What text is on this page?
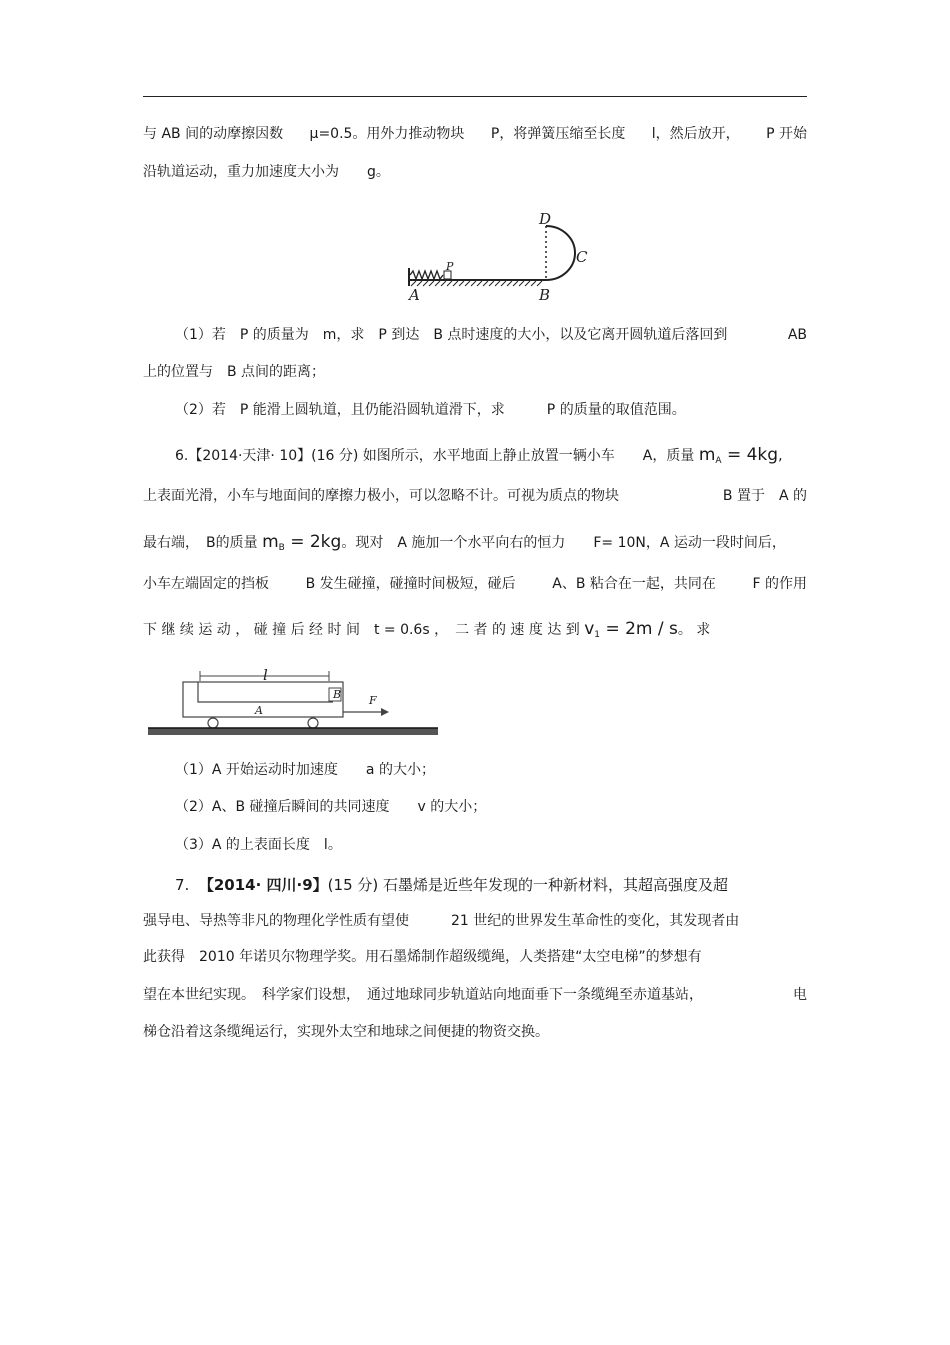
与 AB 间的动摩擦因数 μ=0.5。用外力推动物块 P，将弹簧压缩至长度 l，然后放开， P 开始
沿轨道运动，重力加速度大小为　　g。
A
P
B
C
D
（1）若　P 的质量为　m，求　P 到达　B 点时速度的大小，以及它离开圆轨道后落回到	AB
上的位置与　B 点间的距离；
（2）若　P 能滑上圆轨道，且仍能沿圆轨道滑下，求　　　P 的质量的取值范围。
6.【2014·天津· 10】(16 分) 如图所示，水平地面上静止放置一辆小车　　A，质量 $m_A = 4kg$,
上表面光滑，小车与地面间的摩擦力极小，可以忽略不计。可视为质点的物块	B 置于　A 的
最右端，　B的质量 $m_B = 2kg$。现对　A 施加一个水平向右的恒力　　F= 10N，A 运动一段时间后，
小车左端固定的挡板	B 发生碰撞，碰撞时间极短，碰后	A、B 粘合在一起，共同在	F 的作用
下 继 续 运 动 ， 碰 撞 后 经 时 间　t = 0.6s ，　二 者 的 速 度 达 到 $v_1 = 2m / s$。 求
l
B
A
F
（1）A 开始运动时加速度　　a 的大小；
（2）A、B 碰撞后瞬间的共同速度　　v 的大小；
（3）A 的上表面长度　l。
7. 【2014· 四川·9】(15 分) 石墨烯是近些年发现的一种新材料，其超高强度及超
强导电、导热等非凡的物理化学性质有望使　　　21 世纪的世界发生革命性的变化，其发现者由
此获得　2010 年诺贝尔物理学奖。用石墨烯制作超级缆绳，人类搭建“太空电梯”的梦想有
望在本世纪实现。　科学家们设想，　通过地球同步轨道站向地面垂下一条缆绳至赤道基站，	电
梯仓沿着这条缆绳运行，实现外太空和地球之间便捷的物资交换。
